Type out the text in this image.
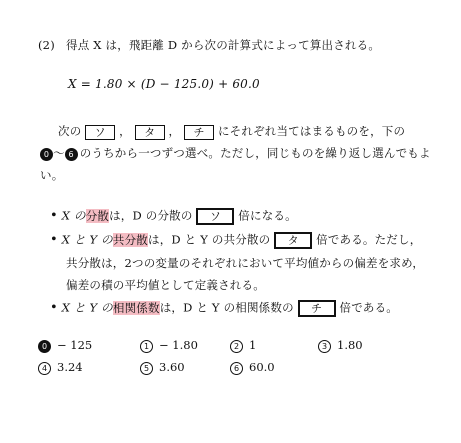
(2) 得点 X は，飛距離 D から次の計算式によって算出される。
X = 1.80 × (D − 125.0) + 60.0
次の ソ ， タ ， チ にそれぞれ当てはまるものを，下の
0 〜 6 のうちから一つずつ選べ。ただし，同じものを繰り返し選んでもよ
い。
• X の分散は，D の分散の ソ 倍になる。
• X と Y の共分散は，D と Y の共分散の タ 倍である。ただし，
共分散は，2つの変量のそれぞれにおいて平均値からの偏差を求め，
偏差の積の平均値として定義される。
• X と Y の相関係数は，D と Y の相関係数の チ 倍である。
0 − 125	1 − 1.80	2 1	3 1.80
4 3.24	5 3.60	6 60.0
